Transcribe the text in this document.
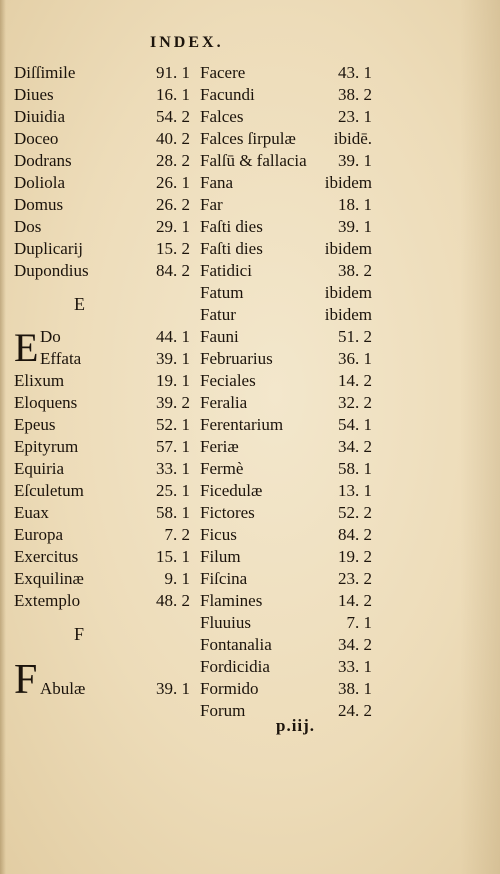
INDEX.
Diſſimile	91. 1
Diues	16. 1
Diuidia	54. 2
Doceo	40. 2
Dodrans	28. 2
Doliola	26. 1
Domus	26. 2
Dos	29. 1
Duplicarij	15. 2
Dupondius	84. 2
E
E Do	44. 1
Effata	39. 1
Elixum	19. 1
Eloquens	39. 2
Epeus	52. 1
Epityrum	57. 1
Equiria	33. 1
Eſculetum	25. 1
Euax	58. 1
Europa	7. 2
Exercitus	15. 1
Exquilinæ	9. 1
Extemplo	48. 2
F
F Abulæ	39. 1
Facere	43. 1
Facundi	38. 2
Falces	23. 1
Falces ſirpulæ ibidē.
Falſū & fallacia 39. 1
Fana	ibidem
Far	18. 1
Faſti dies	39. 1
Faſti dies	ibidem
Fatidici	38. 2
Fatum	ibidem
Fatur	ibidem
Fauni	51. 2
Februarius	36. 1
Feciales	14. 2
Feralia	32. 2
Ferentarium	54. 1
Feriæ	34. 2
Fermè	58. 1
Ficedulæ	13. 1
Fictores	52. 2
Ficus	84. 2
Filum	19. 2
Fiſcina	23. 2
Flamines	14. 2
Fluuius	7. 1
Fontanalia	34. 2
Fordicidia	33. 1
Formido	38. 1
Forum	24. 2
p.iij.
